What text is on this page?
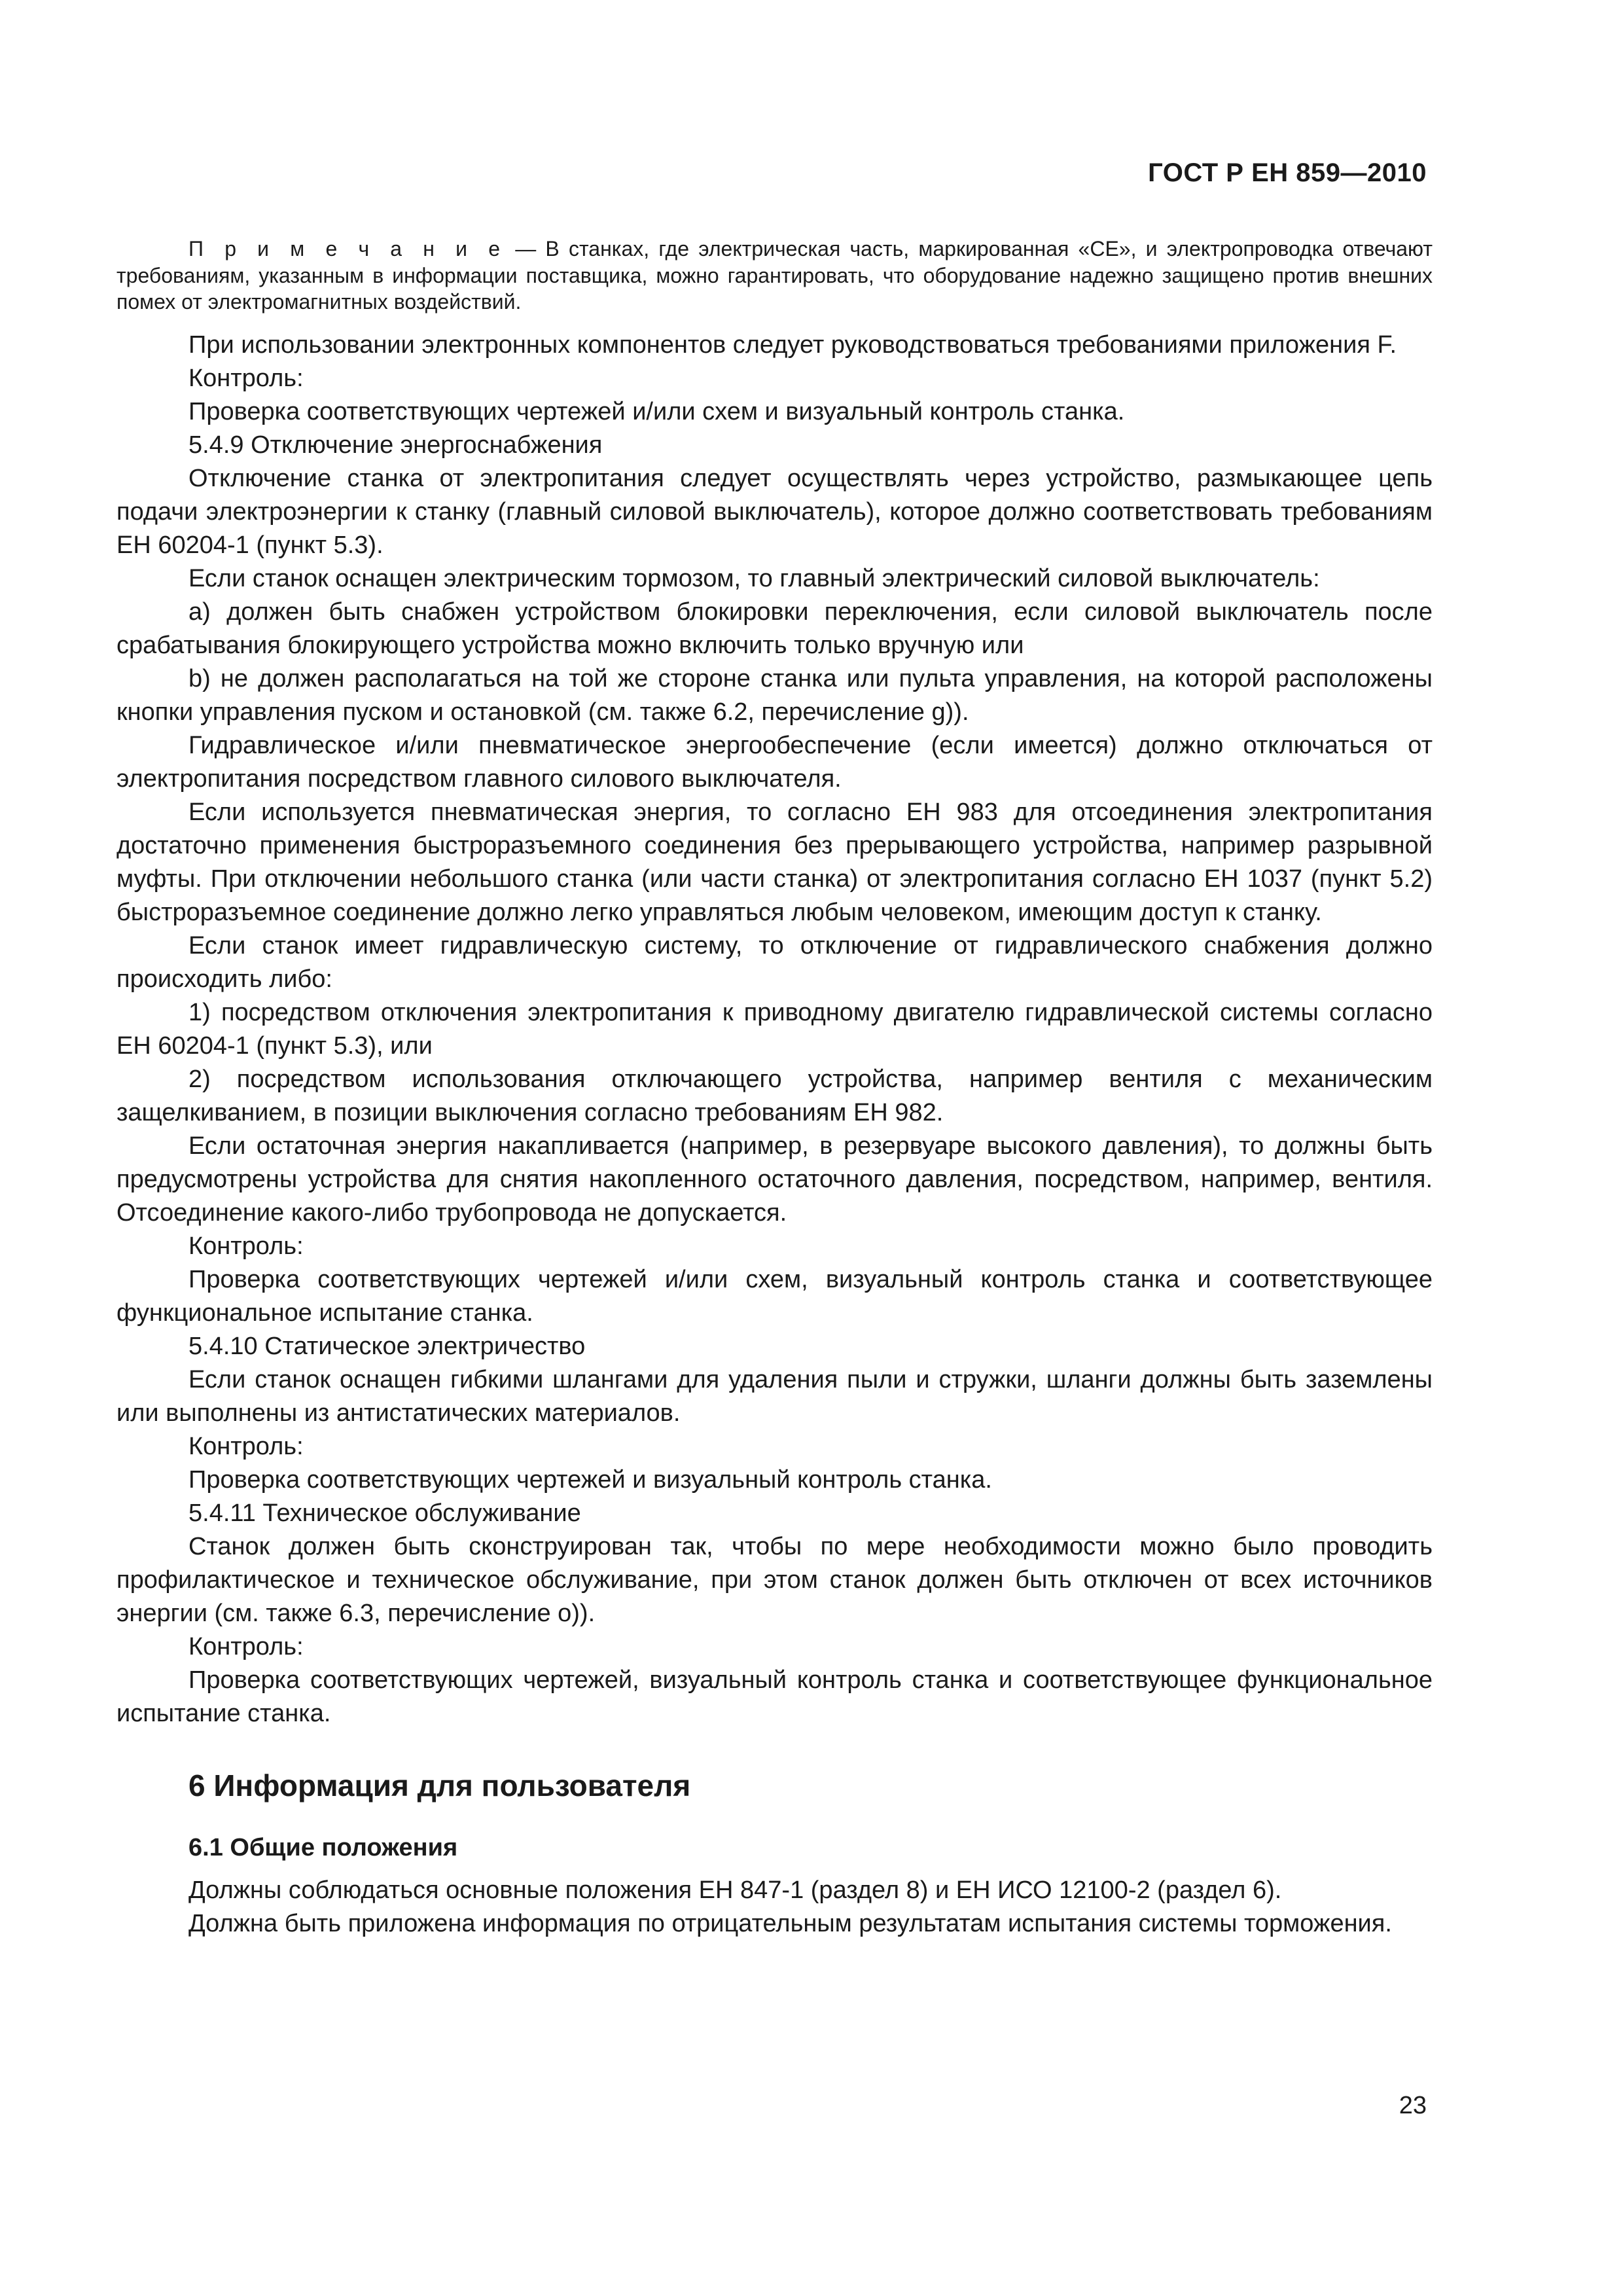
ГОСТ Р ЕН 859—2010
П р и м е ч а н и е — В станках, где электрическая часть, маркированная «CE», и электропроводка отвечают требованиям, указанным в информации поставщика, можно гарантировать, что оборудование надежно защищено против внешних помех от электромагнитных воздействий.

При использовании электронных компонентов следует руководствоваться требованиями приложения F.

Контроль:

Проверка соответствующих чертежей и/или схем и визуальный контроль станка.

5.4.9 Отключение энергоснабжения

Отключение станка от электропитания следует осуществлять через устройство, размыкающее цепь подачи электроэнергии к станку (главный силовой выключатель), которое должно соответствовать требованиям ЕН 60204-1 (пункт 5.3).

Если станок оснащен электрическим тормозом, то главный электрический силовой выключатель:

a) должен быть снабжен устройством блокировки переключения, если силовой выключатель после срабатывания блокирующего устройства можно включить только вручную или

b) не должен располагаться на той же стороне станка или пульта управления, на которой расположены кнопки управления пуском и остановкой (см. также 6.2, перечисление g)).

Гидравлическое и/или пневматическое энергообеспечение (если имеется) должно отключаться от электропитания посредством главного силового выключателя.

Если используется пневматическая энергия, то согласно ЕН 983 для отсоединения электропитания достаточно применения быстроразъемного соединения без прерывающего устройства, например разрывной муфты. При отключении небольшого станка (или части станка) от электропитания согласно ЕН 1037 (пункт 5.2) быстроразъемное соединение должно легко управляться любым человеком, имеющим доступ к станку.

Если станок имеет гидравлическую систему, то отключение от гидравлического снабжения должно происходить либо:

1) посредством отключения электропитания к приводному двигателю гидравлической системы согласно ЕН 60204-1 (пункт 5.3), или

2) посредством использования отключающего устройства, например вентиля с механическим защелкиванием, в позиции выключения согласно требованиям ЕН 982.

Если остаточная энергия накапливается (например, в резервуаре высокого давления), то должны быть предусмотрены устройства для снятия накопленного остаточного давления, посредством, например, вентиля. Отсоединение какого-либо трубопровода не допускается.

Контроль:

Проверка соответствующих чертежей и/или схем, визуальный контроль станка и соответствующее функциональное испытание станка.

5.4.10 Статическое электричество

Если станок оснащен гибкими шлангами для удаления пыли и стружки, шланги должны быть заземлены или выполнены из антистатических материалов.

Контроль:

Проверка соответствующих чертежей и визуальный контроль станка.

5.4.11 Техническое обслуживание

Станок должен быть сконструирован так, чтобы по мере необходимости можно было проводить профилактическое и техническое обслуживание, при этом станок должен быть отключен от всех источников энергии (см. также 6.3, перечисление о)).

Контроль:

Проверка соответствующих чертежей, визуальный контроль станка и соответствующее функциональное испытание станка.

6 Информация для пользователя
6.1 Общие положения

Должны соблюдаться основные положения ЕН 847-1 (раздел 8) и ЕН ИСО 12100-2 (раздел 6).

Должна быть приложена информация по отрицательным результатам испытания системы торможения.

23
